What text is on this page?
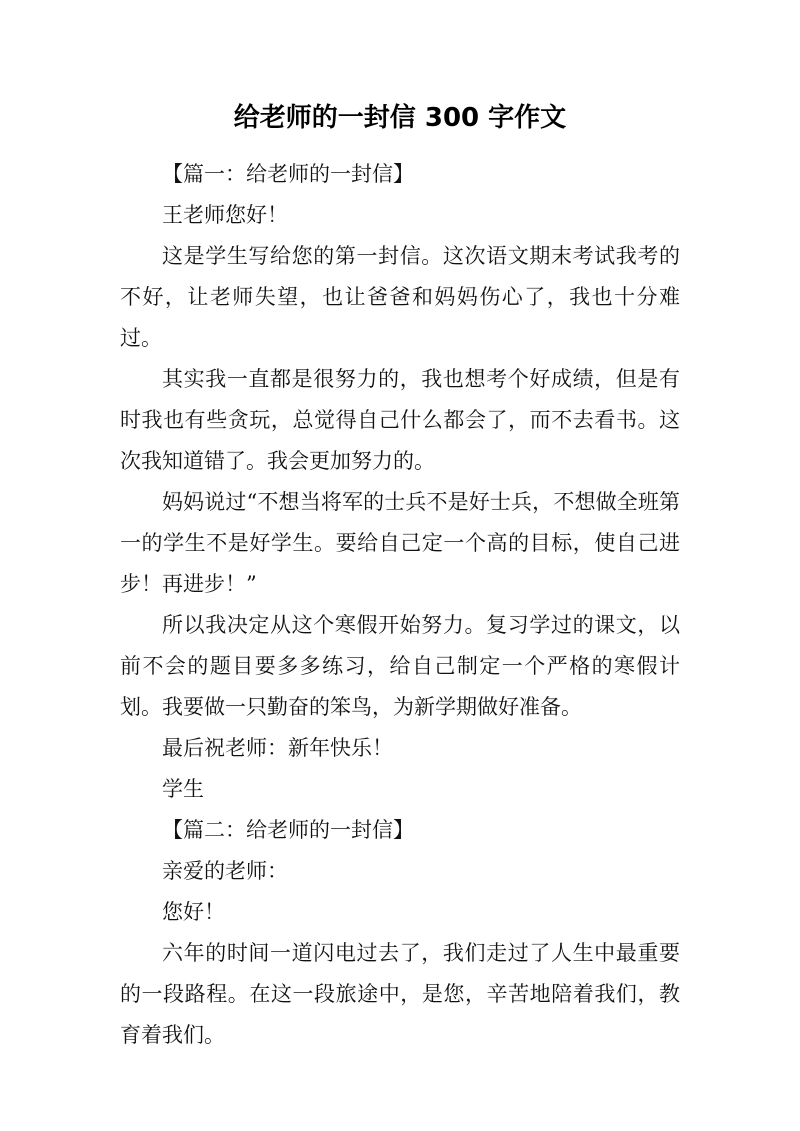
给老师的一封信 300 字作文

【篇一：给老师的一封信】

王老师您好！

这是学生写给您的第一封信。这次语文期末考试我考的不好，让老师失望，也让爸爸和妈妈伤心了，我也十分难过。

其实我一直都是很努力的，我也想考个好成绩，但是有时我也有些贪玩，总觉得自己什么都会了，而不去看书。这次我知道错了。我会更加努力的。

妈妈说过“不想当将军的士兵不是好士兵，不想做全班第一的学生不是好学生。要给自己定一个高的目标，使自己进步！再进步！”

所以我决定从这个寒假开始努力。复习学过的课文，以前不会的题目要多多练习，给自己制定一个严格的寒假计划。我要做一只勤奋的笨鸟，为新学期做好准备。

最后祝老师：新年快乐！

学生

【篇二：给老师的一封信】

亲爱的老师：

您好！

六年的时间一道闪电过去了，我们走过了人生中最重要的一段路程。在这一段旅途中，是您，辛苦地陪着我们，教育着我们。
